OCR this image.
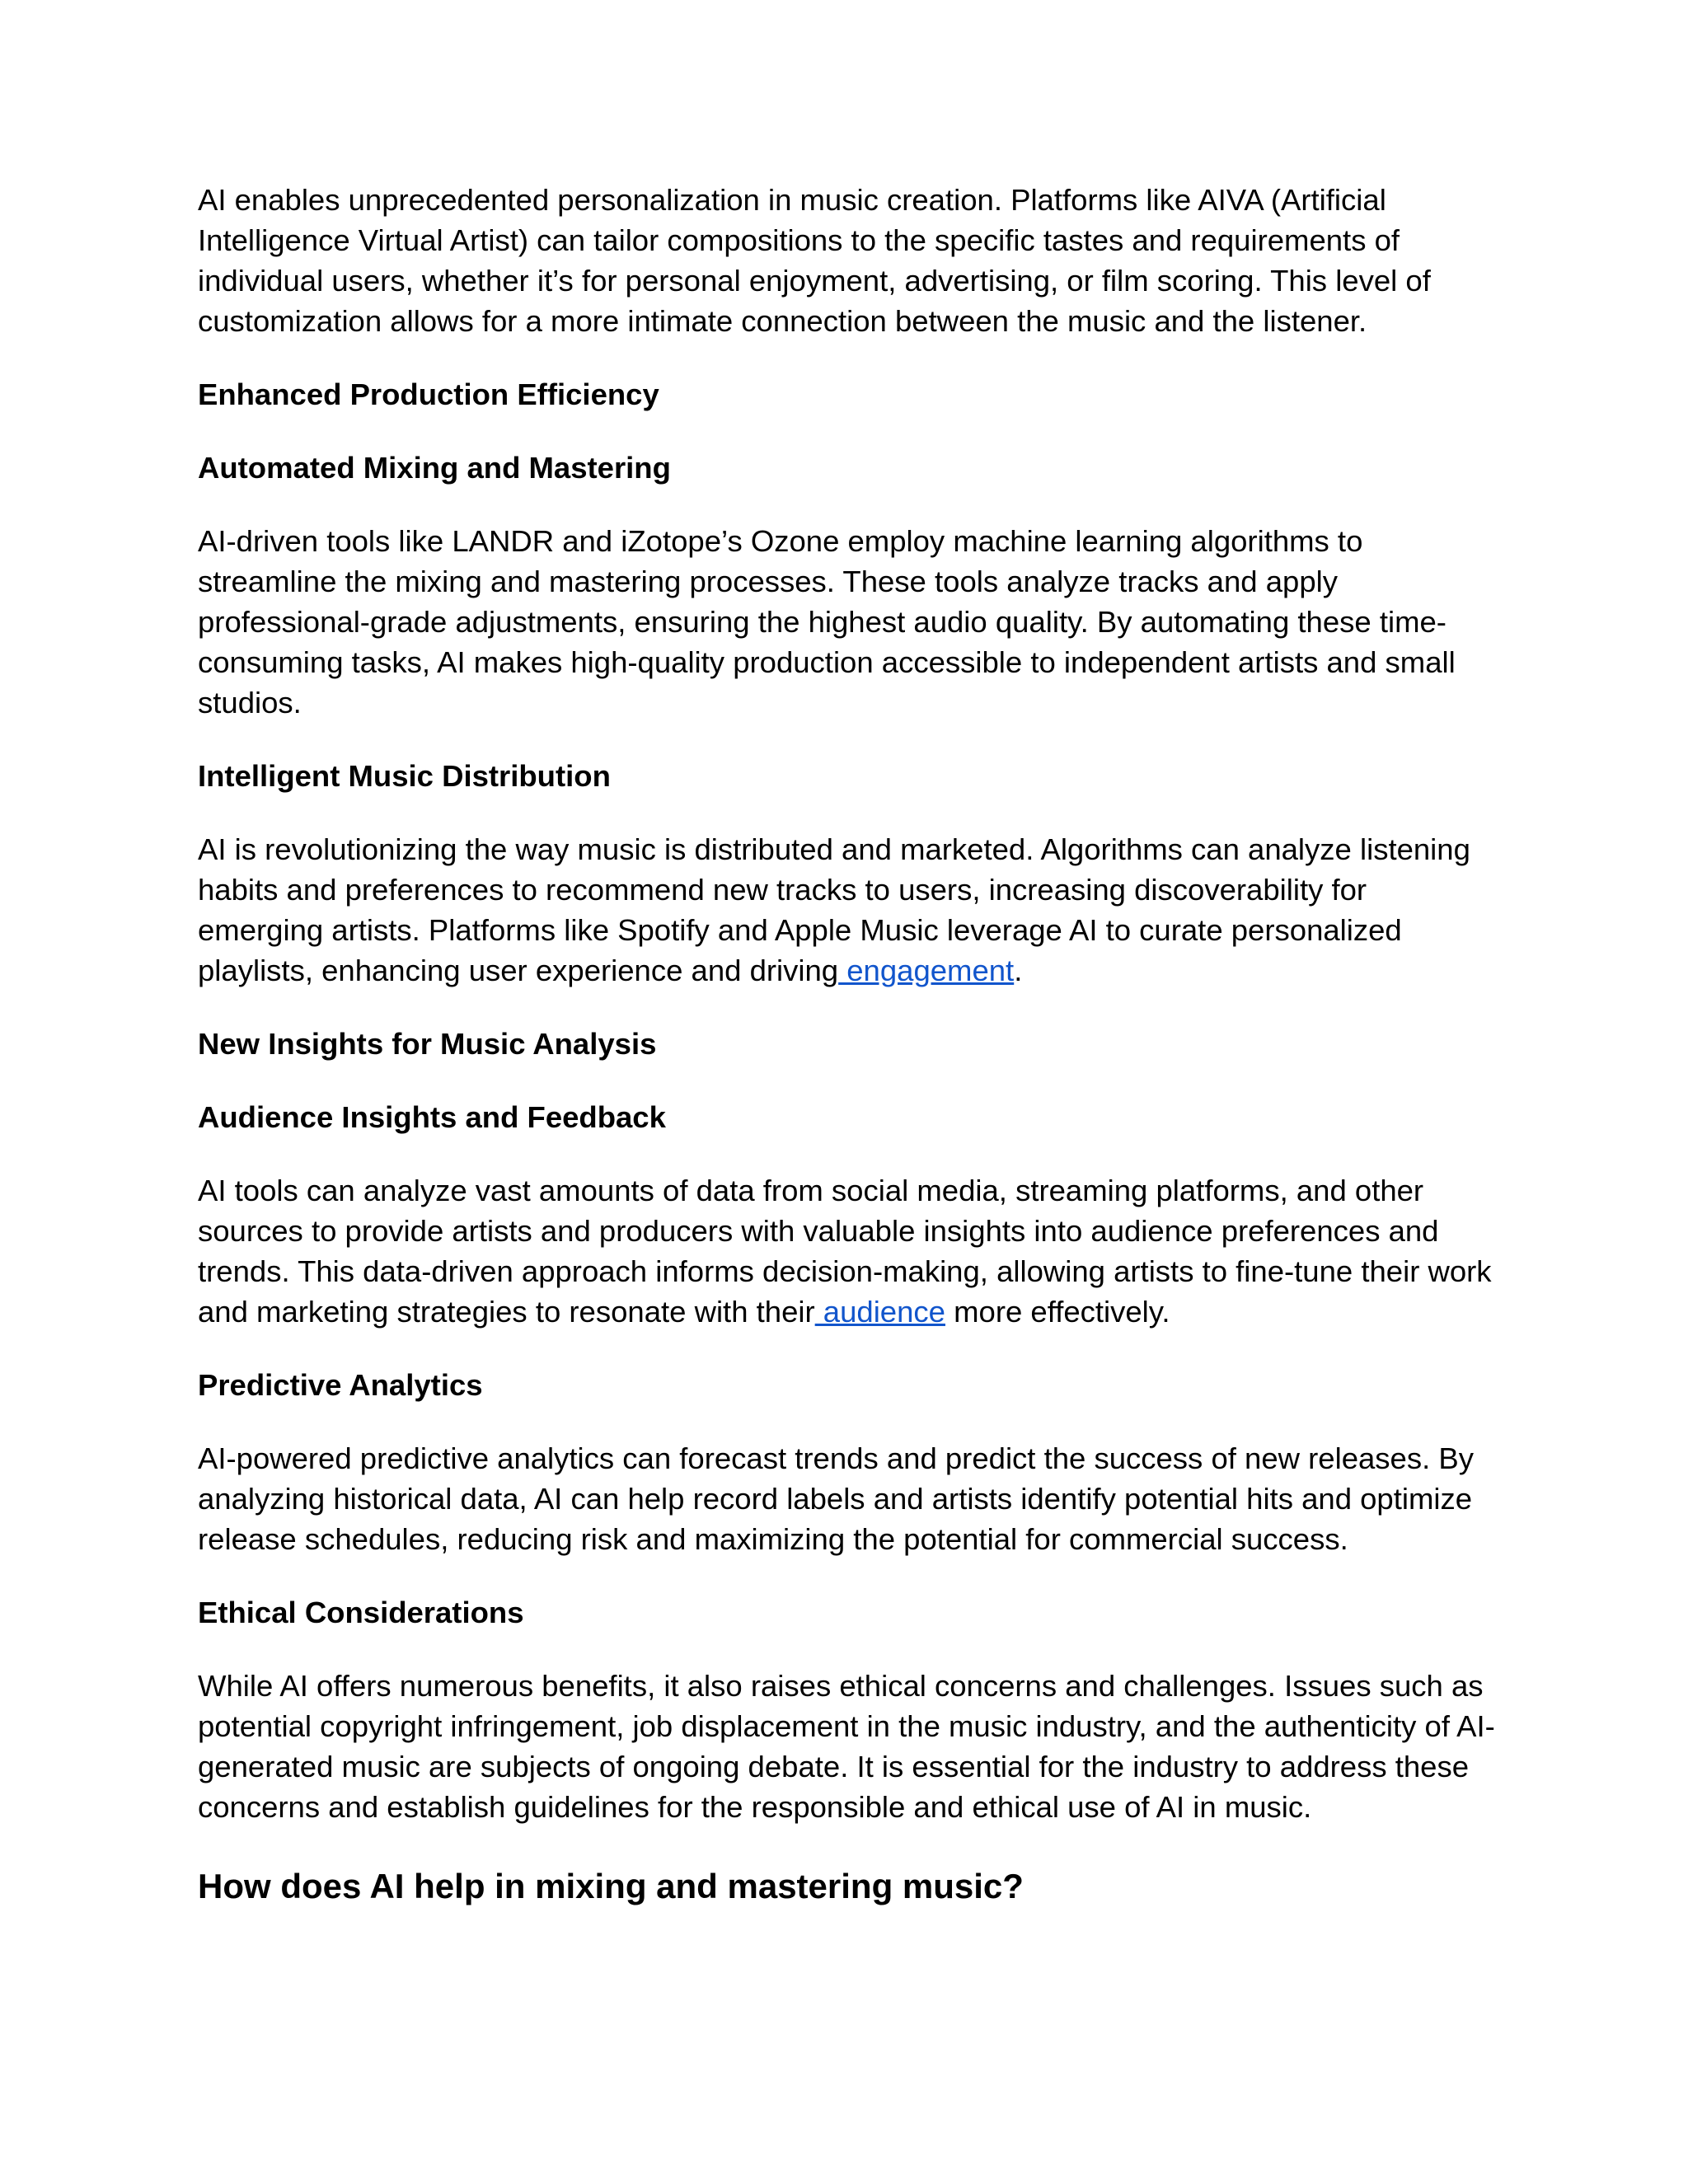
AI enables unprecedented personalization in music creation. Platforms like AIVA (Artificial Intelligence Virtual Artist) can tailor compositions to the specific tastes and requirements of individual users, whether it’s for personal enjoyment, advertising, or film scoring. This level of customization allows for a more intimate connection between the music and the listener.

Enhanced Production Efficiency

Automated Mixing and Mastering

AI-driven tools like LANDR and iZotope’s Ozone employ machine learning algorithms to streamline the mixing and mastering processes. These tools analyze tracks and apply professional-grade adjustments, ensuring the highest audio quality. By automating these time-consuming tasks, AI makes high-quality production accessible to independent artists and small studios.

Intelligent Music Distribution

AI is revolutionizing the way music is distributed and marketed. Algorithms can analyze listening habits and preferences to recommend new tracks to users, increasing discoverability for emerging artists. Platforms like Spotify and Apple Music leverage AI to curate personalized playlists, enhancing user experience and driving engagement.

New Insights for Music Analysis

Audience Insights and Feedback

AI tools can analyze vast amounts of data from social media, streaming platforms, and other sources to provide artists and producers with valuable insights into audience preferences and trends. This data-driven approach informs decision-making, allowing artists to fine-tune their work and marketing strategies to resonate with their audience more effectively.

Predictive Analytics

AI-powered predictive analytics can forecast trends and predict the success of new releases. By analyzing historical data, AI can help record labels and artists identify potential hits and optimize release schedules, reducing risk and maximizing the potential for commercial success.

Ethical Considerations

While AI offers numerous benefits, it also raises ethical concerns and challenges. Issues such as potential copyright infringement, job displacement in the music industry, and the authenticity of AI-generated music are subjects of ongoing debate. It is essential for the industry to address these concerns and establish guidelines for the responsible and ethical use of AI in music.

How does AI help in mixing and mastering music?
